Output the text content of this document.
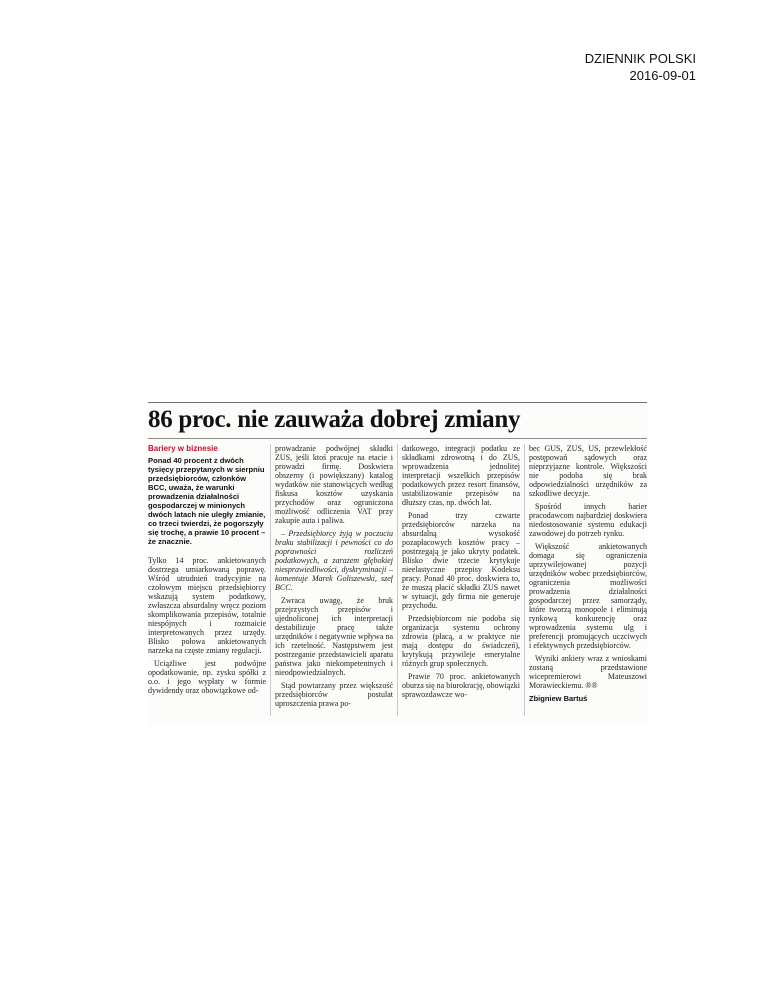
DZIENNIK POLSKI
2016-09-01
86 proc. nie zauważa dobrej zmiany
Bariery w biznesie
Ponad 40 procent z dwóch tysięcy przepytanych w sierpniu przedsiębiorców, członków BCC, uważa, że warunki prowadzenia działalności gospodarczej w minionych dwóch latach nie uległy zmianie, co trzeci twierdzi, że pogorszyły się trochę, a prawie 10 procent – że znacznie.

Tylko 14 proc. ankietowanych dostrzega umiarkowaną poprawę. Wśród utrudnień tradycyjnie na czołowym miejscu przedsiębiorcy wskazują system podatkowy, zwłaszcza absurdalny wręcz poziom skomplikowania przepisów, totalnie niespójnych i rozmaicie interpretowanych przez urzędy. Blisko połowa ankietowanych narzeka na częste zmiany regulacji.

Uciążliwe jest podwójne opodatkowanie, np. zysku spółki z o.o. i jego wypłaty w formie dywidendy oraz obowiązkowe od-

prowadzanie podwójnej składki ZUS, jeśli ktoś pracuje na etacie i prowadzi firmę. Doskwiera obszerny (i powiększany) katalog wydatków nie stanowiących według fiskusa kosztów uzyskania przychodów oraz ograniczona możliwość odliczenia VAT przy zakupie auta i paliwa.

– Przedsiębiorcy żyją w poczuciu braku stabilizacji i pewności co do poprawności rozliczeń podatkowych, a zarazem głębokiej niesprawiedliwości, dyskryminacji – komentuje Marek Goliszewski, szef BCC.

Zwraca uwagę, że bruk przejrzystych przepisów i ujednoliconej ich interpretacji destabilizuje pracę także urzędników i negatywnie wpływa na ich rzetelność. Następstwem jest postrzeganie przedstawicieli aparatu państwa jako niekompetentnych i nieodpowiedzialnych.

Stąd powtarzany przez większość przedsiębiorców postulat uproszczenia prawa po-

datkowego, integracji podatku ze składkami zdrowotną i do ZUS, wprowadzenia jednolitej interpretacji wszelkich przepisów podatkowych przez resort finansów, ustabilizowanie przepisów na dłuższy czas, np. dwóch lat.

Ponad trzy czwarte przedsiębiorców narzeka na absurdalną wysokość pozapłacowych kosztów pracy – postrzegają je jako ukryty podatek. Blisko dwie trzecie krytykuje nieelastyczne przepisy Kodeksu pracy. Ponad 40 proc. doskwiera to, że muszą płacić składki ZUS nawet w sytuacji, gdy firma nie generuje przychodu.

Przedsiębiorcom nie podoba się organizacja systemu ochrony zdrowia (płacą, a w praktyce nie mają dostępu do świadczeń), krytykują przywileje emerytalne różnych grup społecznych.

Prawie 70 proc. ankietowanych oburza się na biurokrację, obowiązki sprawozdawcze wo-

bec GUS, ZUS, US, przewlekłość postępowań sądowych oraz nieprzyjazne kontrole. Większości nie podoba się brak odpowiedzialności urzędników za szkodliwe decyzje.

Spośród innych barier pracodawcom najbardziej doskwiera niedostosowanie systemu edukacji zawodowej do potrzeb rynku.

Większość ankietowanych domaga się ograniczenia uprzywilejowanej pozycji urzędników wobec przedsiębiorców, ograniczenia możliwości prowadzenia działalności gospodarczej przez samorządy, które tworzą monopole i eliminują rynkową konkurencję oraz wprowadzenia systemu ulg i preferencji promujących uczciwych i efektywnych przedsiębiorców.

Wyniki ankiety wraz z wnioskami zostaną przedstawione wicepremierowi Mateuszowi Morawieckiemu. ®®

Zbigniew Bartuś
